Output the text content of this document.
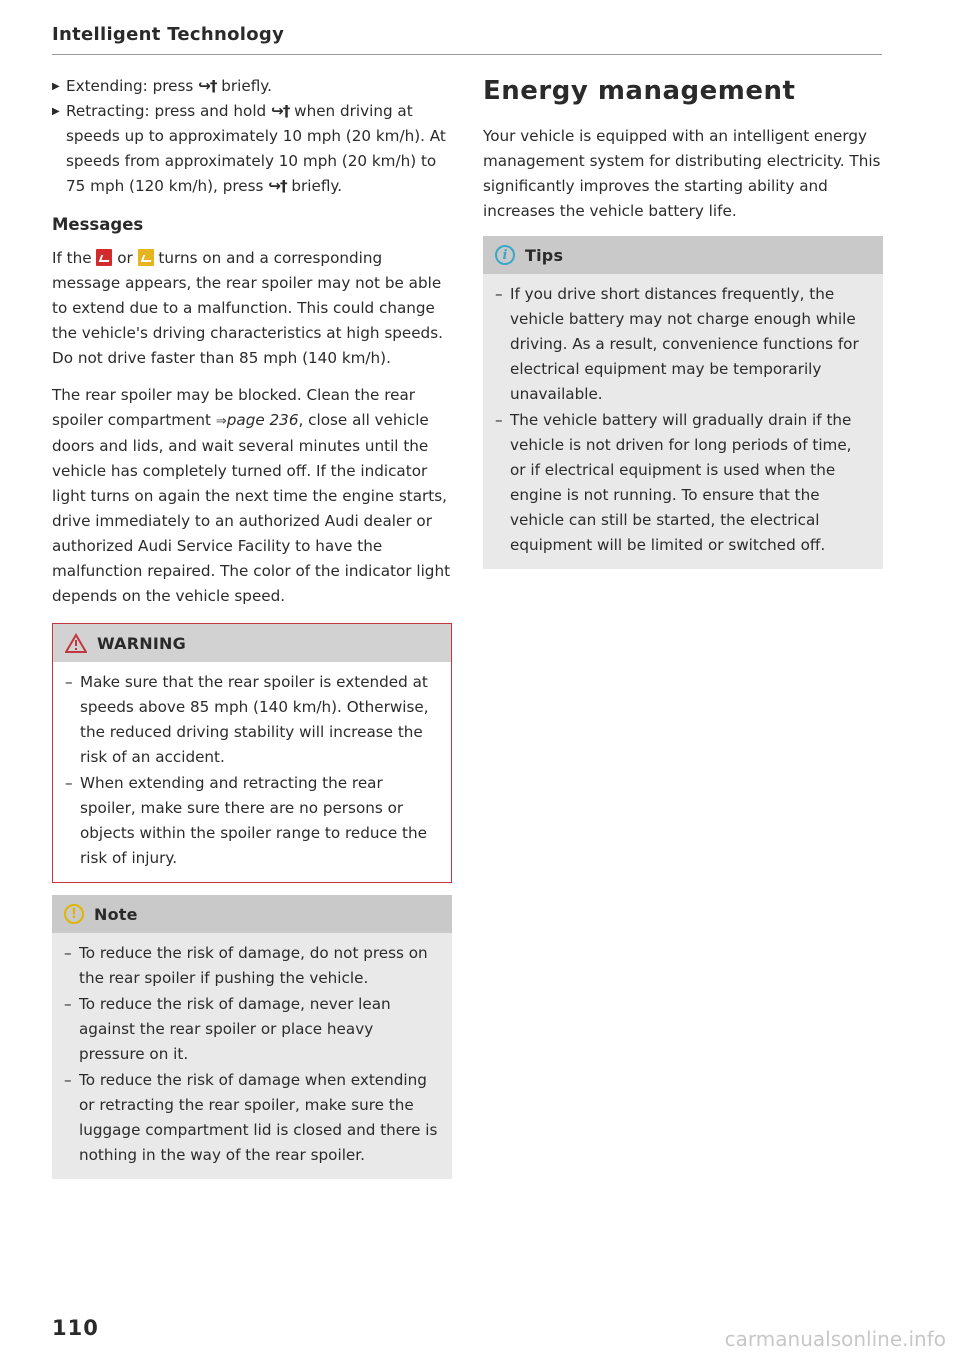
Intelligent Technology
▶ Extending: press ↪† briefly.
▶ Retracting: press and hold ↪† when driving at speeds up to approximately 10 mph (20 km/h). At speeds from approximately 10 mph (20 km/h) to 75 mph (120 km/h), press ↪† briefly.
Messages

If the  or  turns on and a corresponding message appears, the rear spoiler may not be able to extend due to a malfunction. This could change the vehicle's driving characteristics at high speeds. Do not drive faster than 85 mph (140 km/h).

The rear spoiler may be blocked. Clean the rear spoiler compartment ⇒page 236, close all vehicle doors and lids, and wait several minutes until the vehicle has completely turned off. If the indicator light turns on again the next time the engine starts, drive immediately to an authorized Audi dealer or authorized Audi Service Facility to have the malfunction repaired. The color of the indicator light depends on the vehicle speed.

WARNING
– Make sure that the rear spoiler is extended at speeds above 85 mph (140 km/h). Otherwise, the reduced driving stability will increase the risk of an accident.
– When extending and retracting the rear spoiler, make sure there are no persons or objects within the spoiler range to reduce the risk of injury.
!	Note
– To reduce the risk of damage, do not press on the rear spoiler if pushing the vehicle.
– To reduce the risk of damage, never lean against the rear spoiler or place heavy pressure on it.
– To reduce the risk of damage when extending or retracting the rear spoiler, make sure the luggage compartment lid is closed and there is nothing in the way of the rear spoiler.
Energy management

Your vehicle is equipped with an intelligent energy management system for distributing electricity. This significantly improves the starting ability and increases the vehicle battery life.

i	Tips
– If you drive short distances frequently, the vehicle battery may not charge enough while driving. As a result, convenience functions for electrical equipment may be temporarily unavailable.
– The vehicle battery will gradually drain if the vehicle is not driven for long periods of time, or if electrical equipment is used when the engine is not running. To ensure that the vehicle can still be started, the electrical equipment will be limited or switched off.
110	carmanualsonline.info
